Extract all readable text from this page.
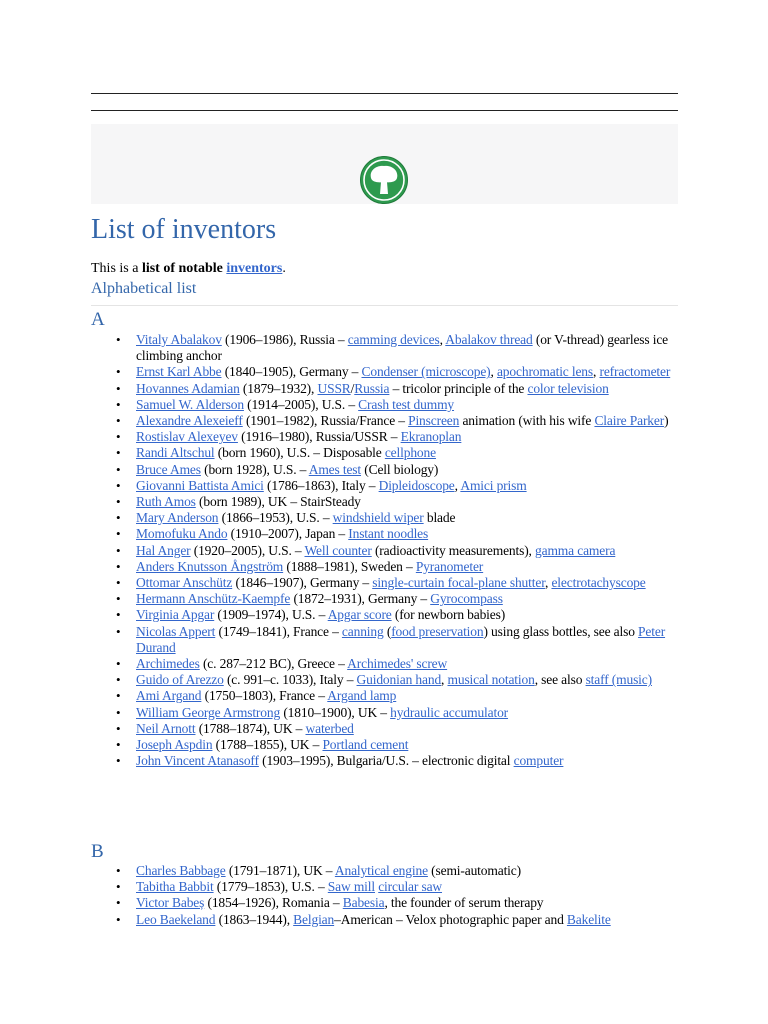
List of inventors
This is a list of notable inventors.
Alphabetical list
A
• Vitaly Abalakov (1906–1986), Russia – camming devices, Abalakov thread (or V-thread) gearless ice climbing anchor
• Ernst Karl Abbe (1840–1905), Germany – Condenser (microscope), apochromatic lens, refractometer
• Hovannes Adamian (1879–1932), USSR/Russia – tricolor principle of the color television
• Samuel W. Alderson (1914–2005), U.S. – Crash test dummy
• Alexandre Alexeieff (1901–1982), Russia/France – Pinscreen animation (with his wife Claire Parker)
• Rostislav Alexeyev (1916–1980), Russia/USSR – Ekranoplan
• Randi Altschul (born 1960), U.S. – Disposable cellphone
• Bruce Ames (born 1928), U.S. – Ames test (Cell biology)
• Giovanni Battista Amici (1786–1863), Italy – Dipleidoscope, Amici prism
• Ruth Amos (born 1989), UK – StairSteady
• Mary Anderson (1866–1953), U.S. – windshield wiper blade
• Momofuku Ando (1910–2007), Japan – Instant noodles
• Hal Anger (1920–2005), U.S. – Well counter (radioactivity measurements), gamma camera
• Anders Knutsson Ångström (1888–1981), Sweden – Pyranometer
• Ottomar Anschütz (1846–1907), Germany – single-curtain focal-plane shutter, electrotachyscope
• Hermann Anschütz-Kaempfe (1872–1931), Germany – Gyrocompass
• Virginia Apgar (1909–1974), U.S. – Apgar score (for newborn babies)
• Nicolas Appert (1749–1841), France – canning (food preservation) using glass bottles, see also Peter Durand
• Archimedes (c. 287–212 BC), Greece – Archimedes' screw
• Guido of Arezzo (c. 991–c. 1033), Italy – Guidonian hand, musical notation, see also staff (music)
• Ami Argand (1750–1803), France – Argand lamp
• William George Armstrong (1810–1900), UK – hydraulic accumulator
• Neil Arnott (1788–1874), UK – waterbed
• Joseph Aspdin (1788–1855), UK – Portland cement
• John Vincent Atanasoff (1903–1995), Bulgaria/U.S. – electronic digital computer
B
• Charles Babbage (1791–1871), UK – Analytical engine (semi-automatic)
• Tabitha Babbit (1779–1853), U.S. – Saw mill circular saw
• Victor Babeș (1854–1926), Romania – Babesia, the founder of serum therapy
• Leo Baekeland (1863–1944), Belgian–American – Velox photographic paper and Bakelite
